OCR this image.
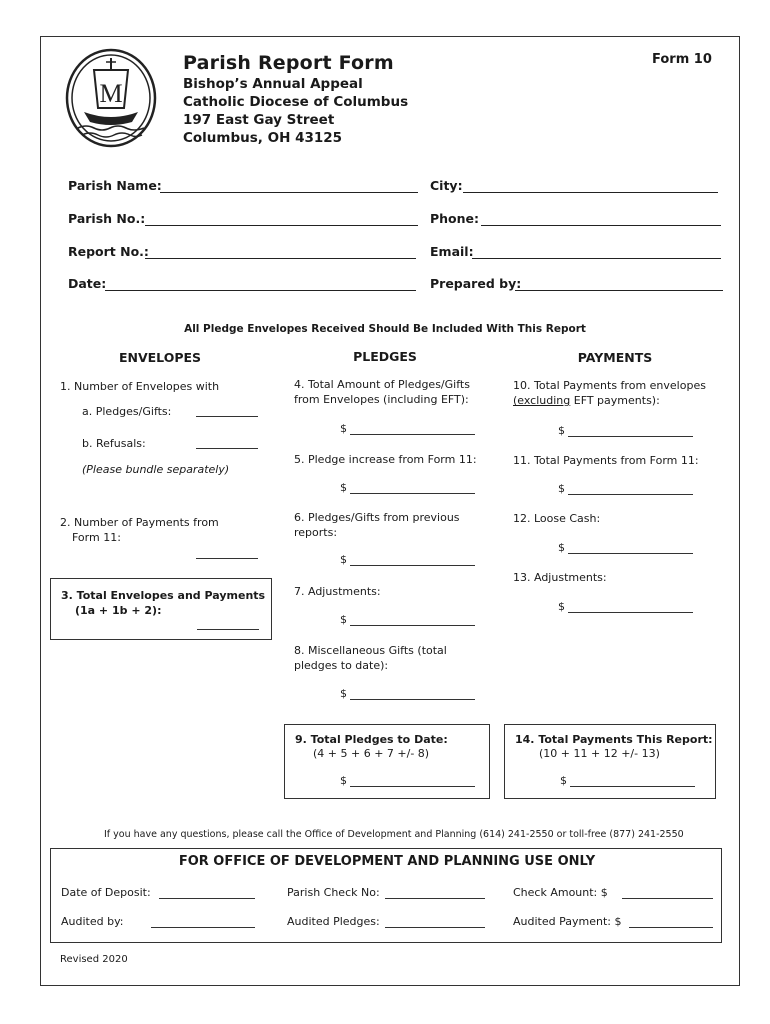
M
Parish Report Form	Form 10
Bishop’s Annual Appeal
Catholic Diocese of Columbus
197 East Gay Street
Columbus, OH 43125
Parish Name:	City:
Parish No.:	Phone:
Report No.:	Email:
Date:	Prepared by:
All Pledge Envelopes Received Should Be Included With This Report
ENVELOPES	PLEDGES	PAYMENTS
1. Number of Envelopes with
a. Pledges/Gifts:
b. Refusals:
(Please bundle separately)
2. Number of Payments from
Form 11:
3. Total Envelopes and Payments
(1a + 1b + 2):
4. Total Amount of Pledges/Gifts
from Envelopes (including EFT):
$
5. Pledge increase from Form 11:
$
6. Pledges/Gifts from previous
reports:
$
7. Adjustments:
$
8. Miscellaneous Gifts (total
pledges to date):
$
9. Total Pledges to Date:
(4 + 5 + 6 + 7 +/- 8)
$
10. Total Payments from envelopes
(excluding EFT payments):
$
11. Total Payments from Form 11:
$
12. Loose Cash:
$
13. Adjustments:
$
14. Total Payments This Report:
(10 + 11 + 12 +/- 13)
$
If you have any questions, please call the Office of Development and Planning (614) 241-2550 or toll-free (877) 241-2550
FOR OFFICE OF DEVELOPMENT AND PLANNING USE ONLY
Date of Deposit:	Parish Check No:	Check Amount: $
Audited by:	Audited Pledges:	Audited Payment: $
Revised 2020
